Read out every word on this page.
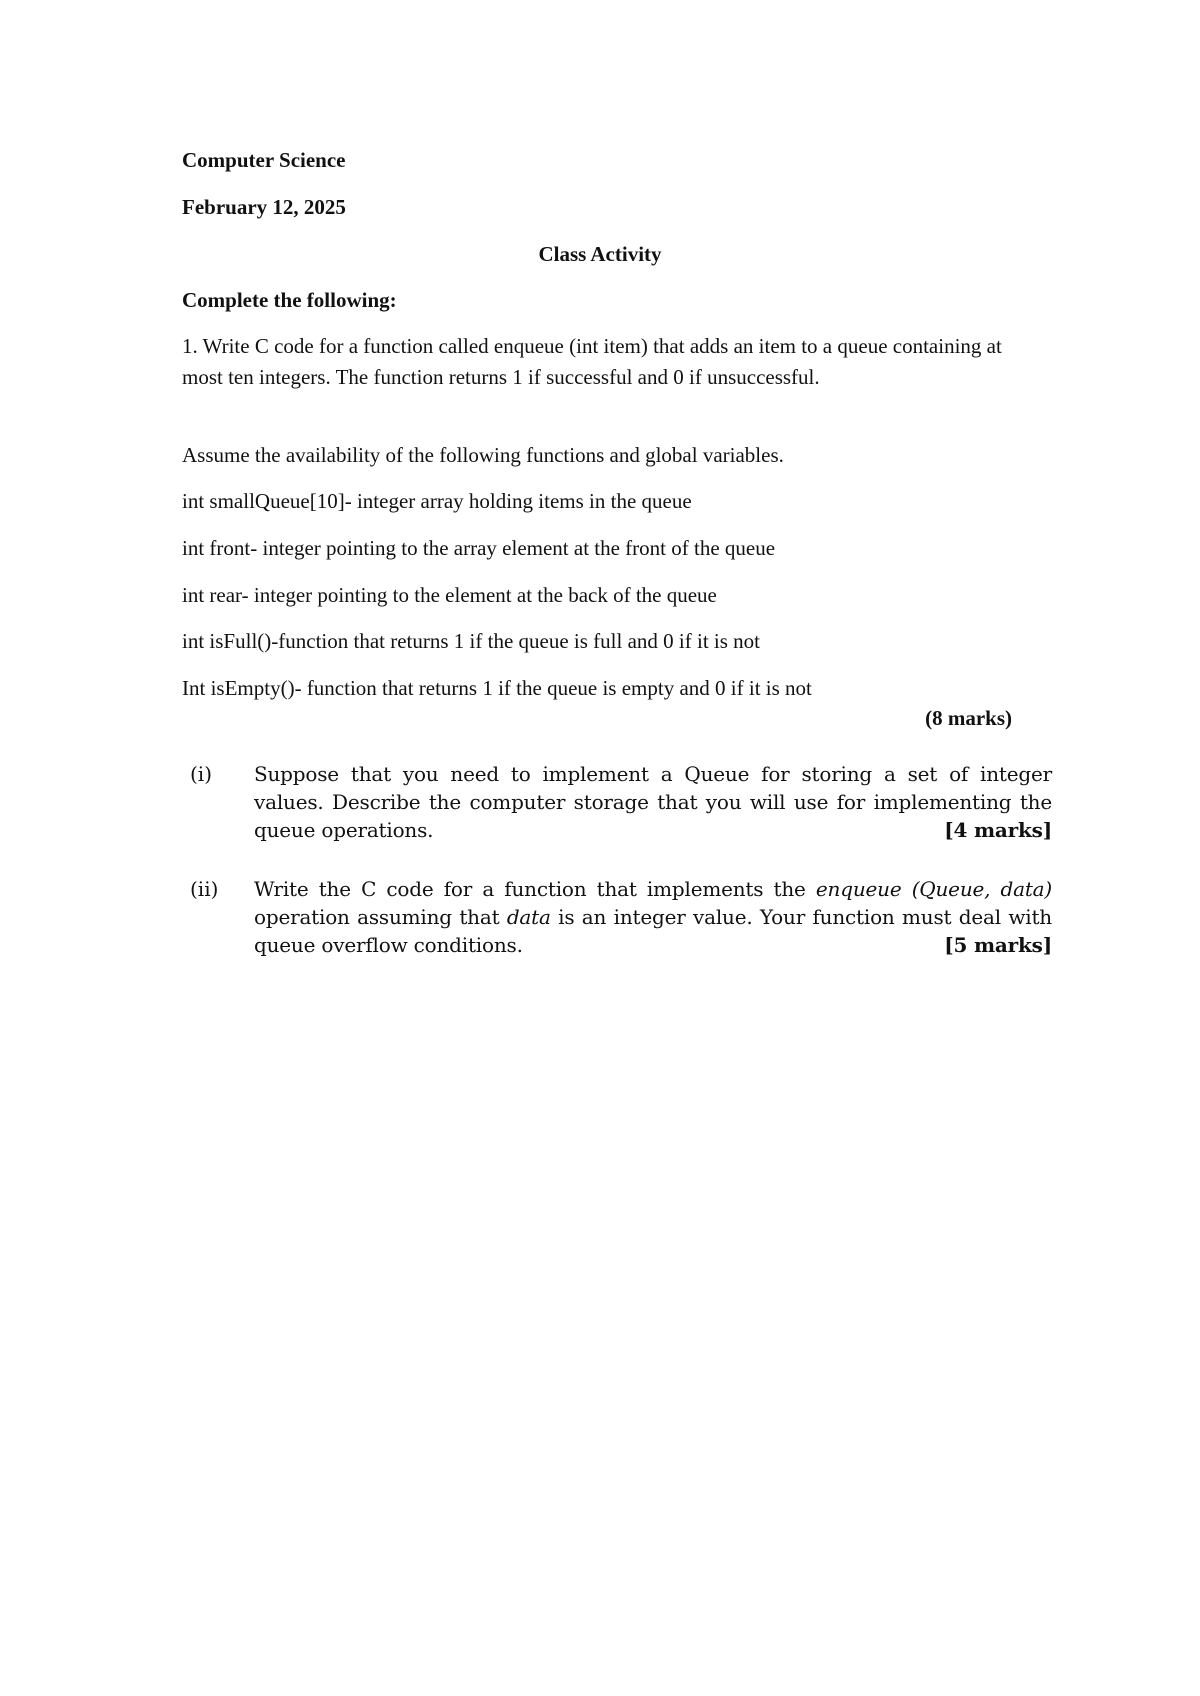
Computer Science
February 12, 2025
Class Activity
Complete the following:
1. Write C code for a function called enqueue (int item) that adds an item to a queue containing at most ten integers. The function returns 1 if successful and 0 if unsuccessful.
Assume the availability of the following functions and global variables.
int smallQueue[10]- integer array holding items in the queue
int front- integer pointing to the array element at the front of the queue
int rear- integer pointing to the element at the back of the queue
int isFull()-function that returns 1 if the queue is full and 0 if it is not
Int isEmpty()- function that returns 1 if the queue is empty and 0 if it is not
(8 marks)
(i) Suppose that you need to implement a Queue for storing a set of integer values. Describe the computer storage that you will use for implementing the queue operations.	[4 marks]
(ii) Write the C code for a function that implements the enqueue (Queue, data) operation assuming that data is an integer value. Your function must deal with queue overflow conditions.	[5 marks]
